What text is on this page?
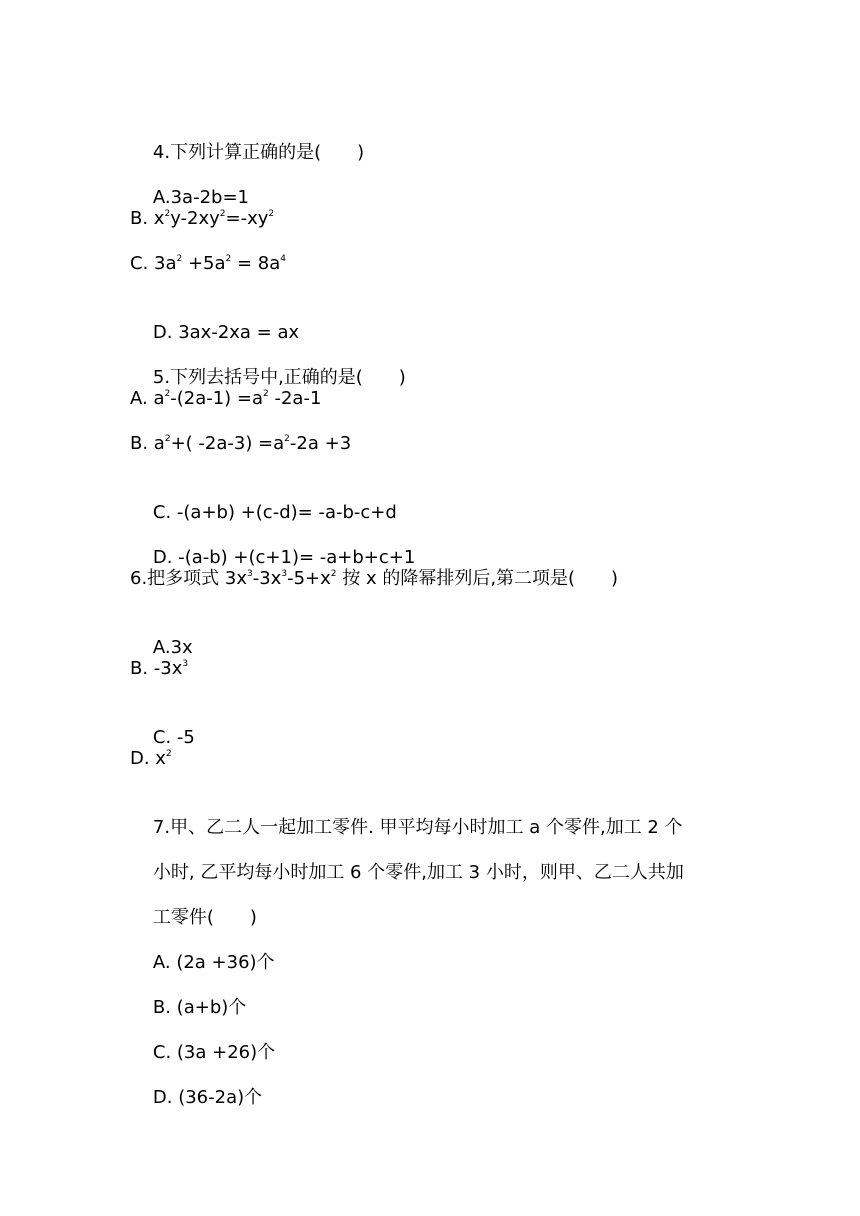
4.下列计算正确的是(　　)

A.3a-2b=1

B. $x^2y-2xy^2=-xy^2$
C. $3a^2 +5a^2 = 8a^4$

D. 3ax-2xa = ax

5.下列去括号中,正确的是(　　)

A. $a^2-(2a-1) =a^2$ -2a-1
B. $a^2+$( $-2a-3) =a^2-2a +3$

C. -(a+b) +(c-d)= -a-b-c+d

D. -(a-b) +(c+1)= -a+b+c+1

6.把多项式 $3x^3-3x^3-5+x^2$ 按 x 的降幂排列后,第二项是(　　)

A.3x

B. $-3x^3$

C. -5

D. $x^2$

7.甲、乙二人一起加工零件. 甲平均每小时加工 a 个零件,加工 2 个

小时, 乙平均每小时加工 6 个零件,加工 3 小时，则甲、乙二人共加

工零件(　　)

A. (2a +36)个

B. (a+b)个

C. (3a +26)个

D. (36-2a)个
